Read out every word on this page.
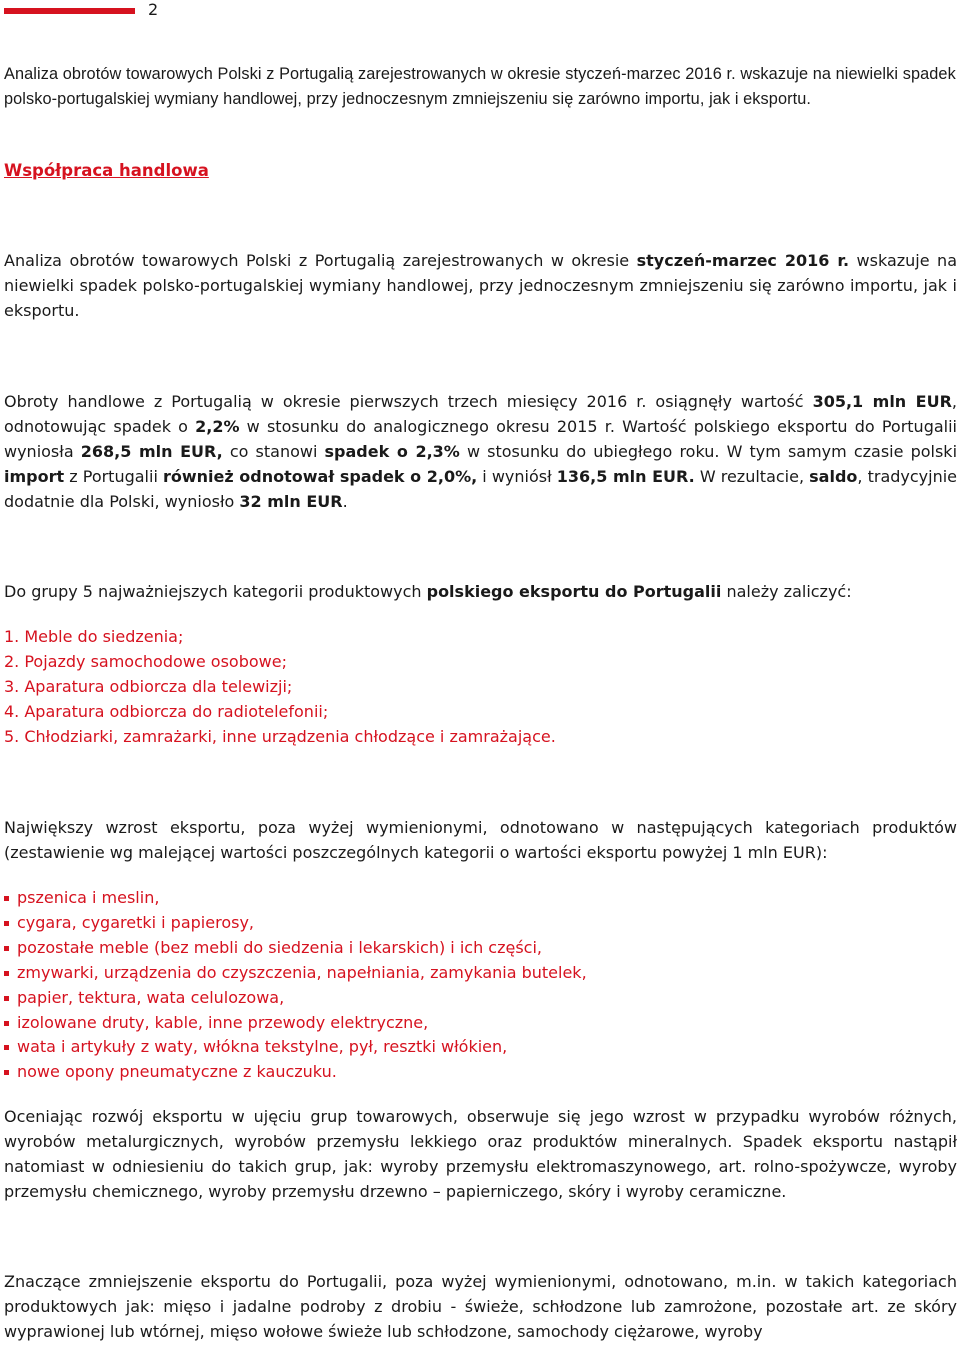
2

Analiza obrotów towarowych Polski z Portugalią zarejestrowanych w okresie styczeń-marzec 2016 r. wskazuje na niewielki spadek polsko-portugalskiej wymiany handlowej, przy jednoczesnym zmniejszeniu się zarówno importu, jak i eksportu.

Współpraca handlowa

Analiza obrotów towarowych Polski z Portugalią zarejestrowanych w okresie styczeń-marzec 2016 r. wskazuje na niewielki spadek polsko-portugalskiej wymiany handlowej, przy jednoczesnym zmniejszeniu się zarówno importu, jak i eksportu.

Obroty handlowe z Portugalią w okresie pierwszych trzech miesięcy 2016 r. osiągnęły wartość 305,1 mln EUR, odnotowując spadek o 2,2% w stosunku do analogicznego okresu 2015 r. Wartość polskiego eksportu do Portugalii wyniosła 268,5 mln EUR, co stanowi spadek o 2,3% w stosunku do ubiegłego roku. W tym samym czasie polski import z Portugalii również odnotował spadek o 2,0%, i wyniósł 136,5 mln EUR. W rezultacie, saldo, tradycyjnie dodatnie dla Polski, wyniosło 32 mln EUR.

Do grupy 5 najważniejszych kategorii produktowych polskiego eksportu do Portugalii należy zaliczyć:

1. Meble do siedzenia;
2. Pojazdy samochodowe osobowe;
3. Aparatura odbiorcza dla telewizji;
4. Aparatura odbiorcza do radiotelefonii;
5. Chłodziarki, zamrażarki, inne urządzenia chłodzące i zamrażające.

Największy wzrost eksportu, poza wyżej wymienionymi, odnotowano w następujących kategoriach produktów (zestawienie wg malejącej wartości poszczególnych kategorii o wartości eksportu powyżej 1 mln EUR):

pszenica i meslin,
cygara, cygaretki i papierosy,
pozostałe meble (bez mebli do siedzenia i lekarskich) i ich części,
zmywarki, urządzenia do czyszczenia, napełniania, zamykania butelek,
papier, tektura, wata celulozowa,
izolowane druty, kable, inne przewody elektryczne,
wata i artykuły z waty, włókna tekstylne, pył, resztki włókien,
nowe opony pneumatyczne z kauczuku.

Oceniając rozwój eksportu w ujęciu grup towarowych, obserwuje się jego wzrost w przypadku wyrobów różnych, wyrobów metalurgicznych, wyrobów przemysłu lekkiego oraz produktów mineralnych. Spadek eksportu nastąpił natomiast w odniesieniu do takich grup, jak: wyroby przemysłu elektromaszynowego, art. rolno-spożywcze, wyroby przemysłu chemicznego, wyroby przemysłu drzewno – papierniczego, skóry i wyroby ceramiczne.

Znaczące zmniejszenie eksportu do Portugalii, poza wyżej wymienionymi, odnotowano, m.in. w takich kategoriach produktowych jak: mięso i jadalne podroby z drobiu - świeże, schłodzone lub zamrożone, pozostałe art. ze skóry wyprawionej lub wtórnej, mięso wołowe świeże lub schłodzone, samochody ciężarowe, wyroby
